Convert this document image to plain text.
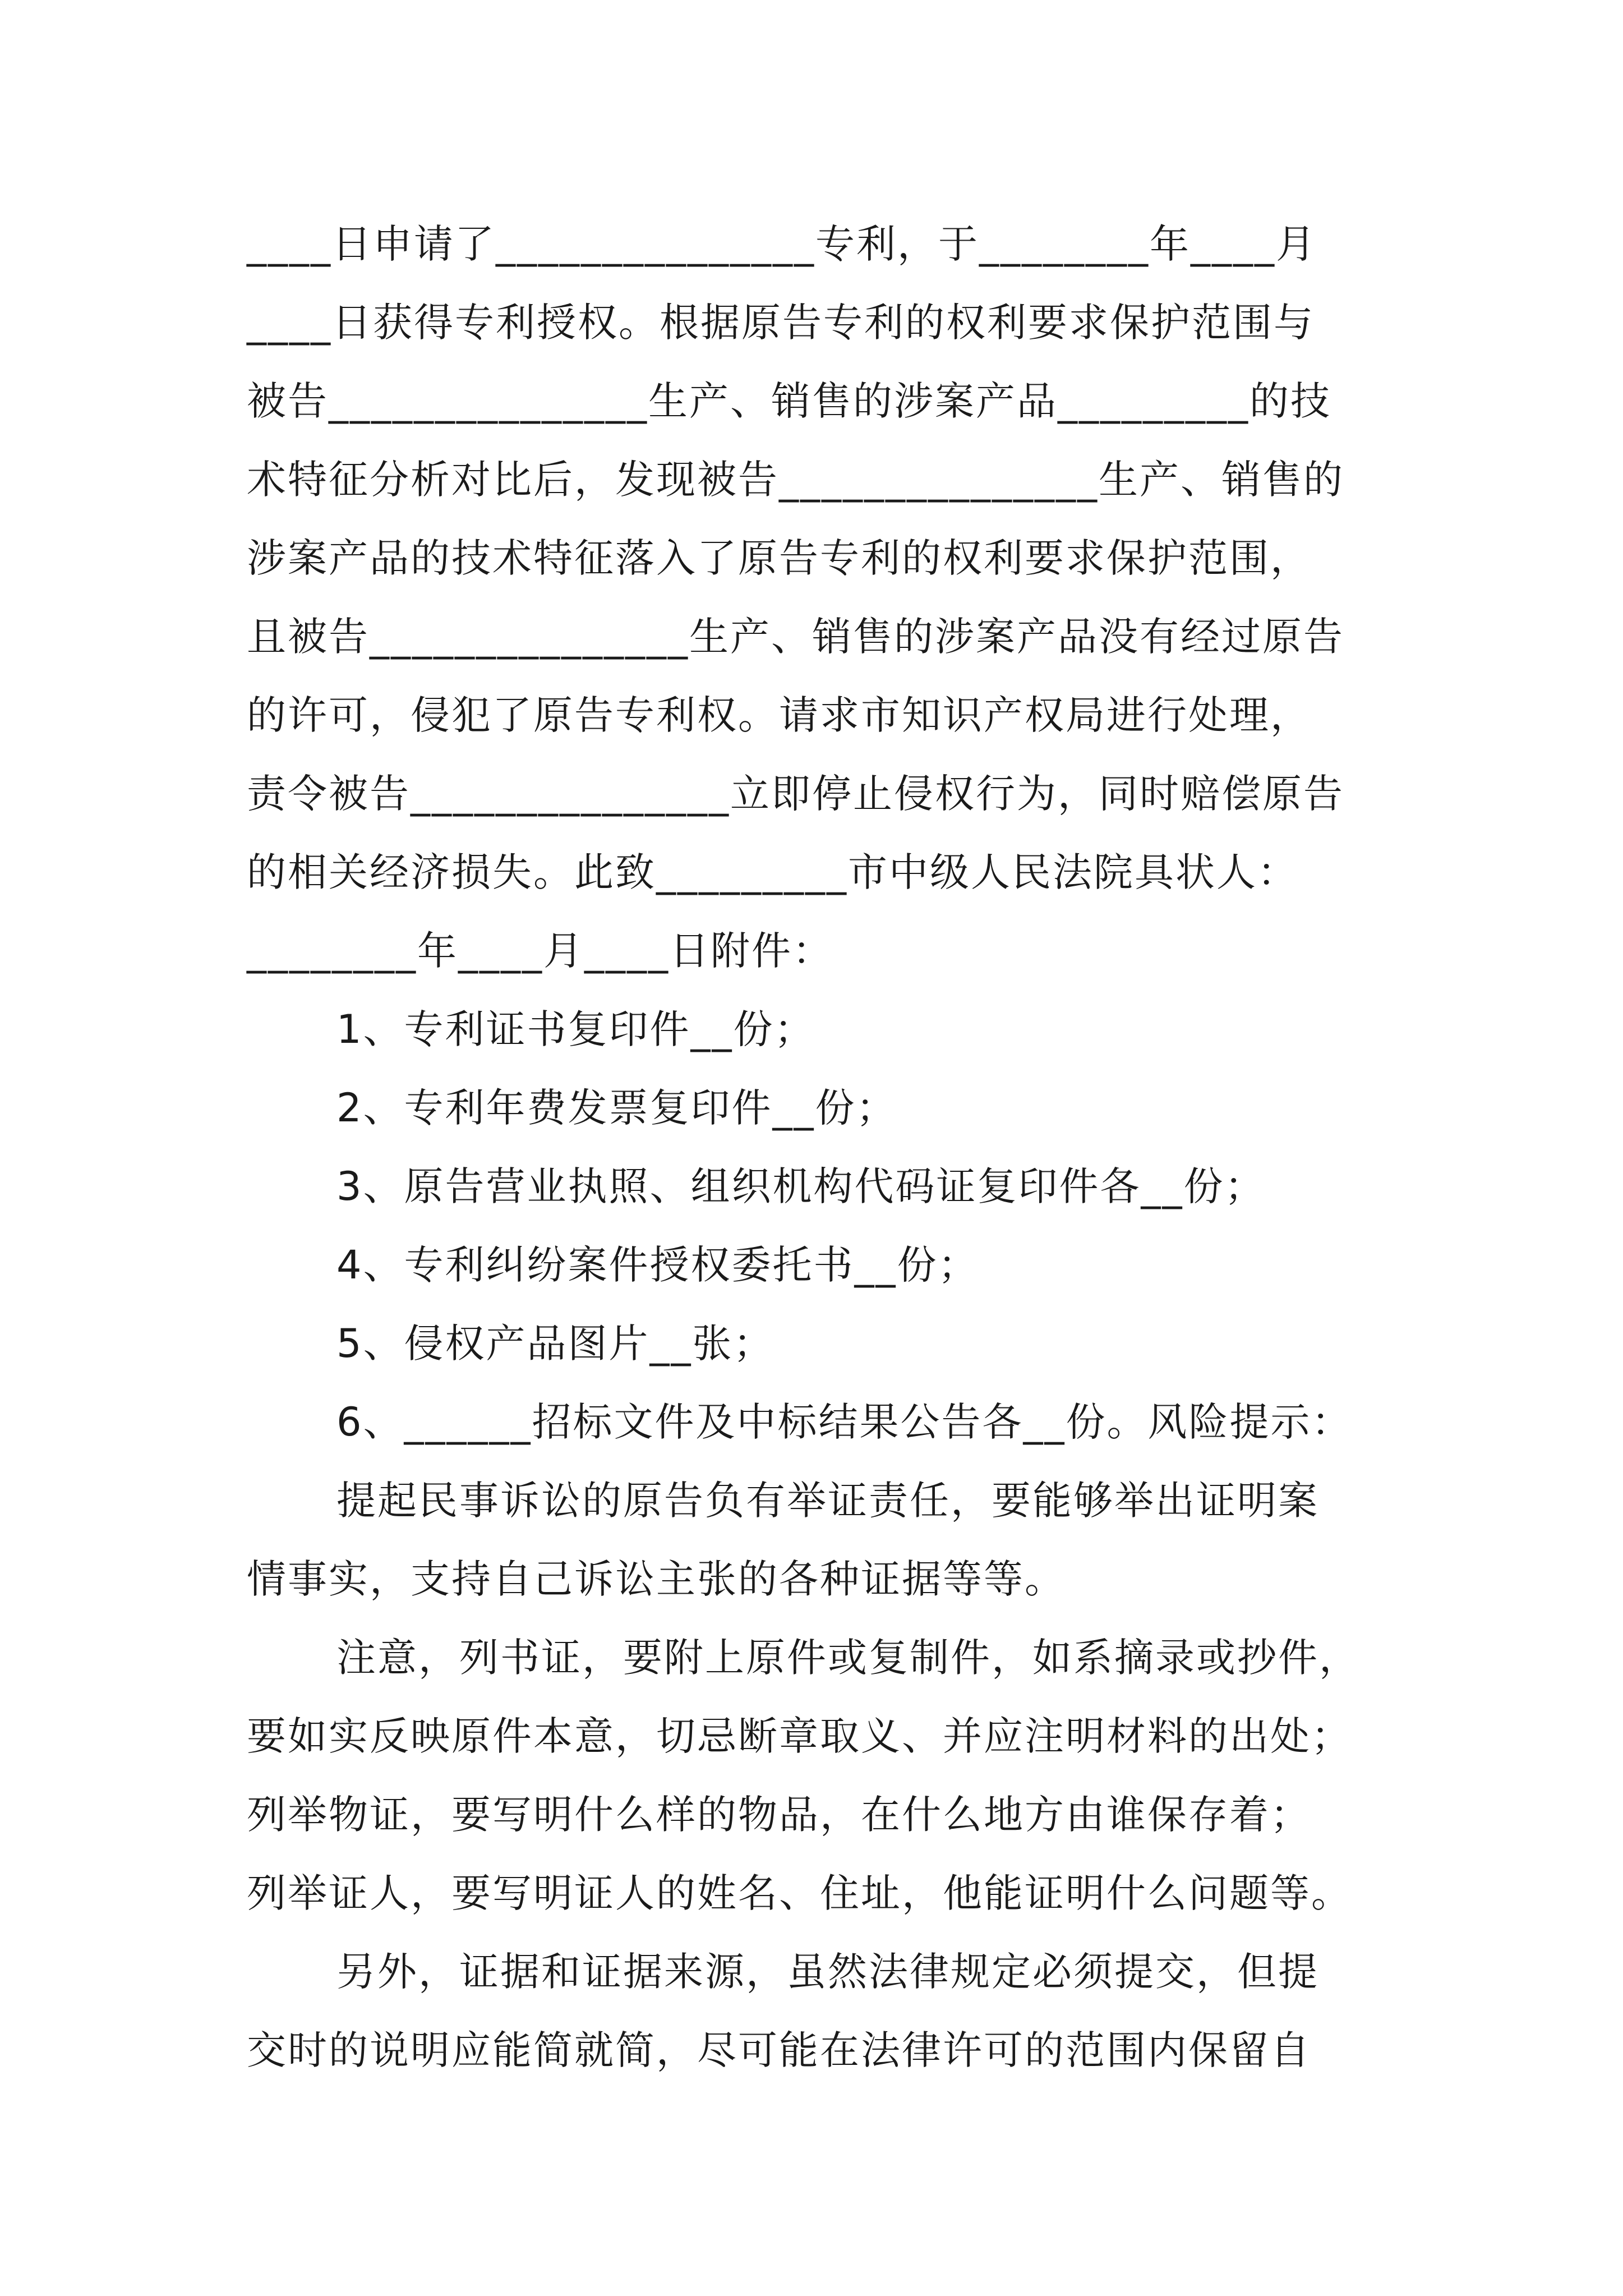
____日申请了_______________专利，于________年____月
____日获得专利授权。根据原告专利的权利要求保护范围与
被告_______________生产、销售的涉案产品_________的技
术特征分析对比后，发现被告_______________生产、销售的
涉案产品的技术特征落入了原告专利的权利要求保护范围，
且被告_______________生产、销售的涉案产品没有经过原告
的许可，侵犯了原告专利权。请求市知识产权局进行处理，
责令被告_______________立即停止侵权行为，同时赔偿原告
的相关经济损失。此致_________市中级人民法院具状人：
________年____月____日附件：
1、专利证书复印件__份；
2、专利年费发票复印件__份；
3、原告营业执照、组织机构代码证复印件各__份；
4、专利纠纷案件授权委托书__份；
5、侵权产品图片__张；
6、______招标文件及中标结果公告各__份。风险提示：
提起民事诉讼的原告负有举证责任，要能够举出证明案
情事实，支持自己诉讼主张的各种证据等等。
注意，列书证，要附上原件或复制件，如系摘录或抄件，
要如实反映原件本意，切忌断章取义、并应注明材料的出处；
列举物证，要写明什么样的物品，在什么地方由谁保存着；
列举证人，要写明证人的姓名、住址，他能证明什么问题等。
另外，证据和证据来源，虽然法律规定必须提交，但提
交时的说明应能简就简，尽可能在法律许可的范围内保留自
